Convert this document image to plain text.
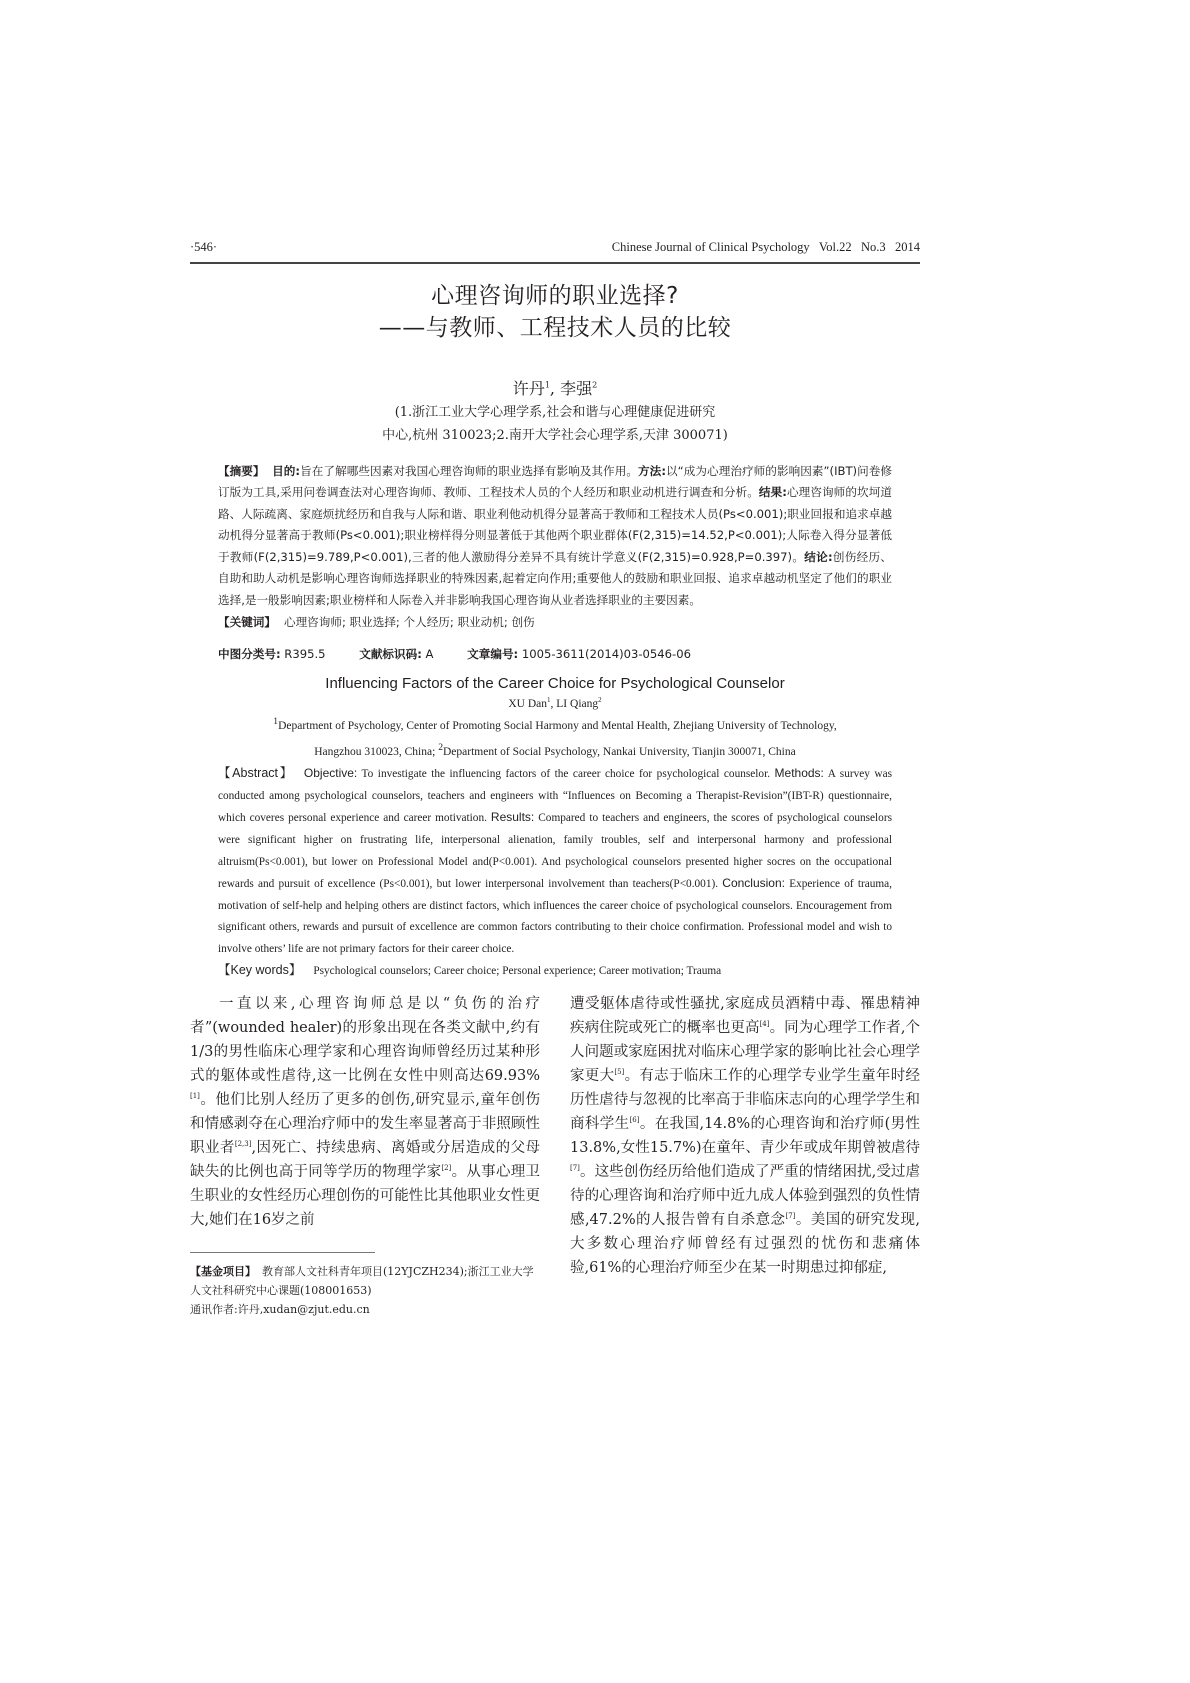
·546·	Chinese Journal of Clinical Psychology   Vol.22   No.3   2014
心理咨询师的职业选择?
——与教师、工程技术人员的比较
许丹$^1$, 李强$^2$
(1.浙江工业大学心理学系,社会和谐与心理健康促进研究
中心,杭州 310023;2.南开大学社会心理学系,天津 300071)
【摘要】 目的:旨在了解哪些因素对我国心理咨询师的职业选择有影响及其作用。方法:以“成为心理治疗师的影响因素”(IBT)问卷修订版为工具,采用问卷调查法对心理咨询师、教师、工程技术人员的个人经历和职业动机进行调查和分析。结果:心理咨询师的坎坷道路、人际疏离、家庭烦扰经历和自我与人际和谐、职业利他动机得分显著高于教师和工程技术人员(Ps<0.001);职业回报和追求卓越动机得分显著高于教师(Ps<0.001);职业榜样得分则显著低于其他两个职业群体(F(2,315)=14.52,P<0.001);人际卷入得分显著低于教师(F(2,315)=9.789,P<0.001),三者的他人激励得分差异不具有统计学意义(F(2,315)=0.928,P=0.397)。结论:创伤经历、自助和助人动机是影响心理咨询师选择职业的特殊因素,起着定向作用;重要他人的鼓励和职业回报、追求卓越动机坚定了他们的职业选择,是一般影响因素;职业榜样和人际卷入并非影响我国心理咨询从业者选择职业的主要因素。
【关键词】 心理咨询师; 职业选择; 个人经历; 职业动机; 创伤
中图分类号: R395.5	文献标识码: A	文章编号: 1005-3611(2014)03-0546-06
Influencing Factors of the Career Choice for Psychological Counselor
XU Dan$^1$, LI Qiang$^2$
$^1$Department of Psychology, Center of Promoting Social Harmony and Mental Health, Zhejiang University of Technology,
Hangzhou 310023, China; $^2$Department of Social Psychology, Nankai University, Tianjin 300071, China
【Abstract】 Objective: To investigate the influencing factors of the career choice for psychological counselor. Methods: A survey was conducted among psychological counselors, teachers and engineers with “Influences on Becoming a Therapist-Revision”(IBT-R) questionnaire, which coveres personal experience and career motivation. Results: Compared to teachers and engineers, the scores of psychological counselors were significant higher on frustrating life, interpersonal alienation, family troubles, self and interpersonal harmony and professional altruism(Ps<0.001), but lower on Professional Model and(P<0.001). And psychological counselors presented higher socres on the occupational rewards and pursuit of excellence (Ps<0.001), but lower interpersonal involvement than teachers(P<0.001). Conclusion: Experience of trauma, motivation of self-help and helping others are distinct factors, which influences the career choice of psychological counselors. Encouragement from significant others, rewards and pursuit of excellence are common factors contributing to their choice confirmation. Professional model and wish to involve others’ life are not primary factors for their career choice.
【Key words】 Psychological counselors; Career choice; Personal experience; Career motivation; Trauma
一直以来,心理咨询师总是以“负伤的治疗者”(wounded healer)的形象出现在各类文献中,约有1/3的男性临床心理学家和心理咨询师曾经历过某种形式的躯体或性虐待,这一比例在女性中则高达69.93%[1]。他们比别人经历了更多的创伤,研究显示,童年创伤和情感剥夺在心理治疗师中的发生率显著高于非照顾性职业者[2,3],因死亡、持续患病、离婚或分居造成的父母缺失的比例也高于同等学历的物理学家[2]。从事心理卫生职业的女性经历心理创伤的可能性比其他职业女性更大,她们在16岁之前
【基金项目】 教育部人文社科青年项目(12YJCZH234);浙江工业大学人文社科研究中心课题(108001653)
通讯作者:许丹,xudan@zjut.edu.cn
遭受躯体虐待或性骚扰,家庭成员酒精中毒、罹患精神疾病住院或死亡的概率也更高[4]。同为心理学工作者,个人问题或家庭困扰对临床心理学家的影响比社会心理学家更大[5]。有志于临床工作的心理学专业学生童年时经历性虐待与忽视的比率高于非临床志向的心理学学生和商科学生[6]。在我国,14.8%的心理咨询和治疗师(男性13.8%,女性15.7%)在童年、青少年或成年期曾被虐待[7]。这些创伤经历给他们造成了严重的情绪困扰,受过虐待的心理咨询和治疗师中近九成人体验到强烈的负性情感,47.2%的人报告曾有自杀意念[7]。美国的研究发现,大多数心理治疗师曾经有过强烈的忧伤和悲痛体验,61%的心理治疗师至少在某一时期患过抑郁症,
